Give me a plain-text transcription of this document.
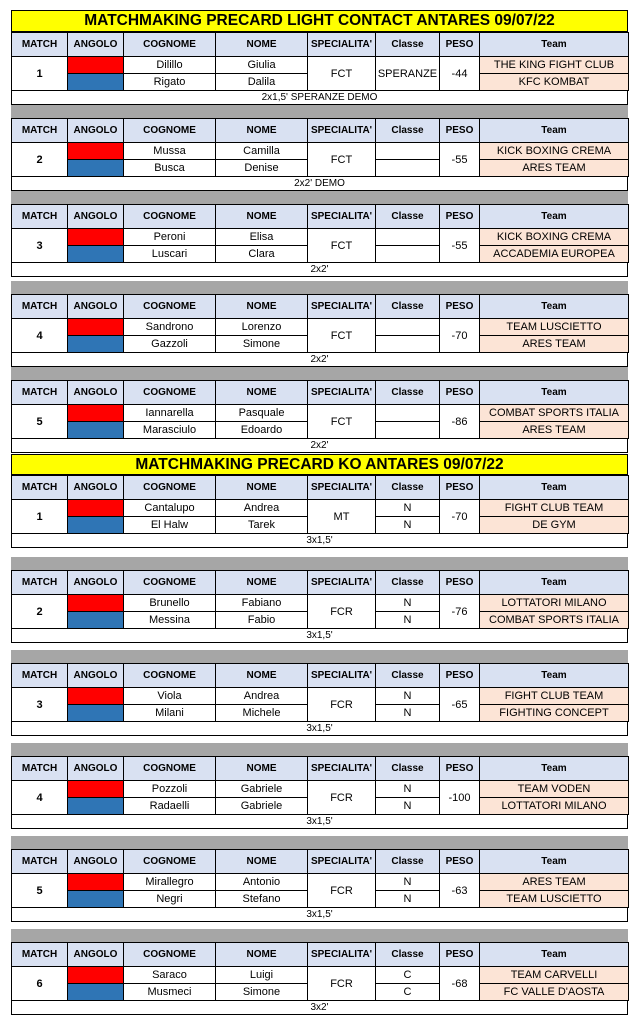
MATCHMAKING PRECARD LIGHT CONTACT ANTARES 09/07/22
MATCH	ANGOLO	COGNOME	NOME	SPECIALITA'	Classe	PESO	Team
1		Dilillo	Giulia	FCT	SPERANZE	-44	THE KING FIGHT CLUB
		Rigato	Dalila				KFC KOMBAT
2x1,5' SPERANZE DEMO
MATCH	ANGOLO	COGNOME	NOME	SPECIALITA'	Classe	PESO	Team
2		Mussa	Camilla	FCT		-55	KICK BOXING CREMA
		Busca	Denise				ARES TEAM
2x2' DEMO
MATCH	ANGOLO	COGNOME	NOME	SPECIALITA'	Classe	PESO	Team
3		Peroni	Elisa	FCT		-55	KICK BOXING CREMA
		Luscari	Clara				ACCADEMIA EUROPEA
2x2'
MATCH	ANGOLO	COGNOME	NOME	SPECIALITA'	Classe	PESO	Team
4		Sandrono	Lorenzo	FCT		-70	TEAM LUSCIETTO
		Gazzoli	Simone				ARES TEAM
2x2'
MATCH	ANGOLO	COGNOME	NOME	SPECIALITA'	Classe	PESO	Team
5		Iannarella	Pasquale	FCT		-86	COMBAT SPORTS ITALIA
		Marasciulo	Edoardo				ARES TEAM
2x2'
MATCHMAKING PRECARD KO ANTARES 09/07/22
MATCH	ANGOLO	COGNOME	NOME	SPECIALITA'	Classe	PESO	Team
1		Cantalupo	Andrea	MT	N	-70	FIGHT CLUB TEAM
		El Halw	Tarek		N		DE GYM
3x1,5'
MATCH	ANGOLO	COGNOME	NOME	SPECIALITA'	Classe	PESO	Team
2		Brunello	Fabiano	FCR	N	-76	LOTTATORI MILANO
		Messina	Fabio		N		COMBAT SPORTS ITALIA
3x1,5'
MATCH	ANGOLO	COGNOME	NOME	SPECIALITA'	Classe	PESO	Team
3		Viola	Andrea	FCR	N	-65	FIGHT CLUB TEAM
		Milani	Michele		N		FIGHTING CONCEPT
3x1,5'
MATCH	ANGOLO	COGNOME	NOME	SPECIALITA'	Classe	PESO	Team
4		Pozzoli	Gabriele	FCR	N	-100	TEAM VODEN
		Radaelli	Gabriele		N		LOTTATORI MILANO
3x1,5'
MATCH	ANGOLO	COGNOME	NOME	SPECIALITA'	Classe	PESO	Team
5		Mirallegro	Antonio	FCR	N	-63	ARES TEAM
		Negri	Stefano		N		TEAM LUSCIETTO
3x1,5'
MATCH	ANGOLO	COGNOME	NOME	SPECIALITA'	Classe	PESO	Team
6		Saraco	Luigi	FCR	C	-68	TEAM CARVELLI
		Musmeci	Simone		C		FC VALLE D'AOSTA
3x2'
